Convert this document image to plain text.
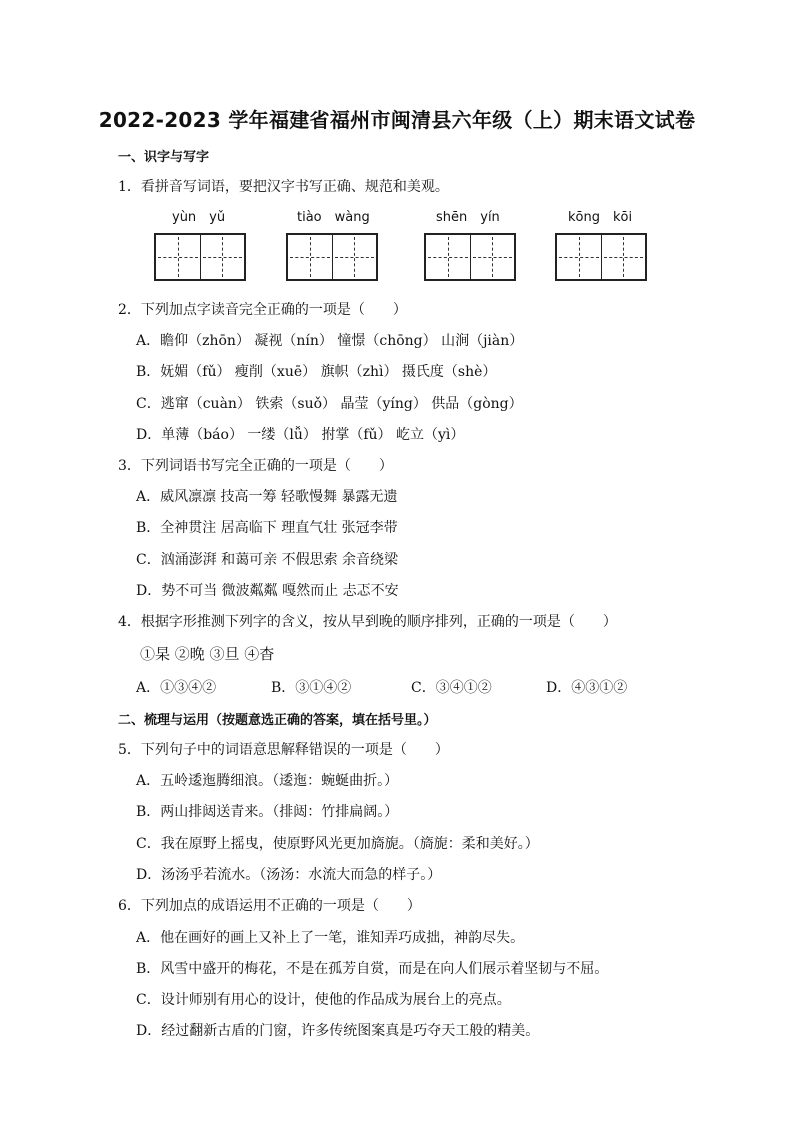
2022-2023 学年福建省福州市闽清县六年级（上）期末语文试卷
一、识字与写字
1．看拼音写词语，要把汉字书写正确、规范和美观。
yùn　yǔ	tiào　wàng	shēn　yín	kōng　kōi
2．下列加点字读音完全正确的一项是（　　）
A．瞻仰（zhōn） 凝视（nín） 憧憬（chōng） 山涧（jiàn）
B．妩媚（fǔ） 瘦削（xuē） 旗帜（zhì） 摄氏度（shè）
C．逃窜（cuàn） 铁索（suǒ） 晶莹（yíng） 供品（gòng）
D．单薄（báo） 一缕（lǚ） 拊掌（fǔ） 屹立（yì）
3．下列词语书写完全正确的一项是（　　）
A．威风凛凛 技高一筹 轻歌慢舞 暴露无遗
B．全神贯注 居高临下 理直气壮 张冠李带
C．汹涌澎湃 和蔼可亲 不假思索 余音绕梁
D．势不可当 微波粼粼 嘎然而止 忐忑不安
4．根据字形推测下列字的含义，按从早到晚的顺序排列，正确的一项是（　　）
①杲 ②晚 ③旦 ④杳
A．①③④②	B．③①④②	C．③④①②	D．④③①②
二、梳理与运用（按题意选正确的答案，填在括号里。）
5．下列句子中的词语意思解释错误的一项是（　　）
A．五岭逶迤腾细浪。（逶迤：蜿蜒曲折。）
B．两山排闼送青来。（排闼：竹排扁阔。）
C．我在原野上摇曳，使原野风光更加旖旎。（旖旎：柔和美好。）
D．汤汤乎若流水。（汤汤：水流大而急的样子。）
6．下列加点的成语运用不正确的一项是（　　）
A．他在画好的画上又补上了一笔，谁知弄巧成拙，神韵尽失。
B．风雪中盛开的梅花，不是在孤芳自赏，而是在向人们展示着坚韧与不屈。
C．设计师别有用心的设计，使他的作品成为展台上的亮点。
D．经过翻新古盾的门窗，许多传统图案真是巧夺天工般的精美。
